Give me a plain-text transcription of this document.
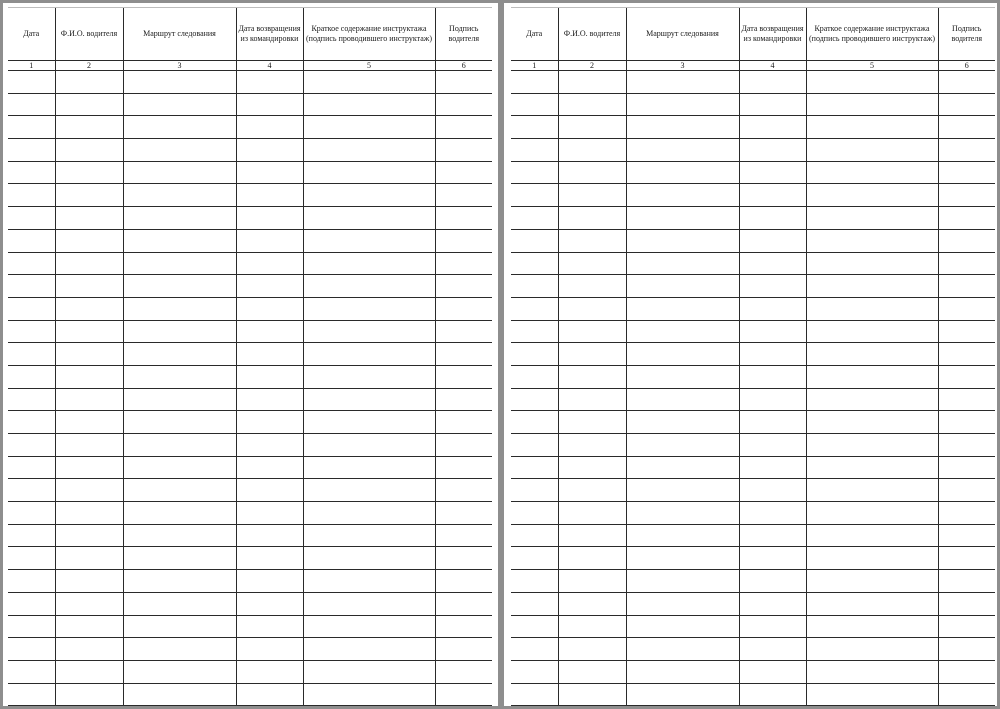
Дата	Ф.И.О. водителя	Маршрут следования	Дата возвращения из командировки	Краткое содержание инструктажа (подпись проводившего инструктаж)	Подпись водителя
1	2	3	4	5	6

Дата	Ф.И.О. водителя	Маршрут следования	Дата возвращения из командировки	Краткое содержание инструктажа (подпись проводившего инструктаж)	Подпись водителя
1	2	3	4	5	6
